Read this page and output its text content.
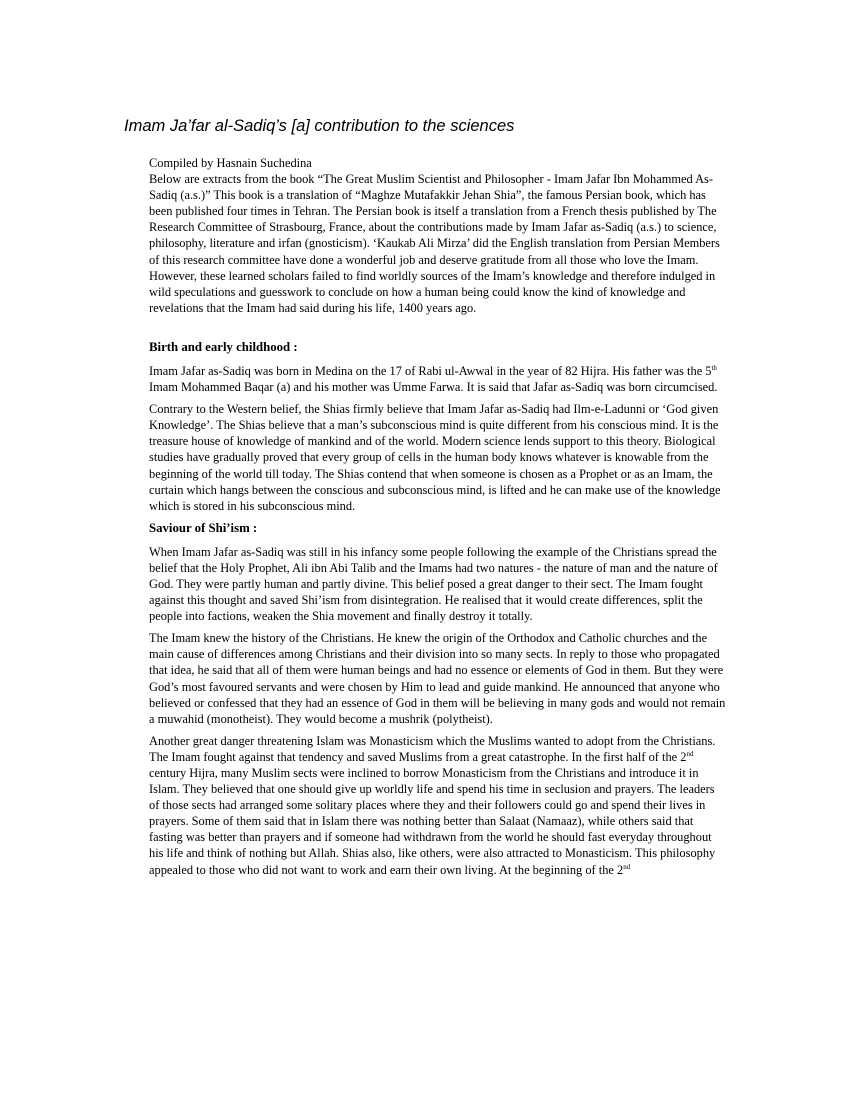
Imam Ja’far al-Sadiq’s [a] contribution to the sciences

Compiled by Hasnain Suchedina

Below are extracts from the book “The Great Muslim Scientist and Philosopher - Imam Jafar Ibn Mohammed As-Sadiq (a.s.)” This book is a translation of “Maghze Mutafakkir Jehan Shia”, the famous Persian book, which has been published four times in Tehran. The Persian book is itself a translation from a French thesis published by The Research Committee of Strasbourg, France, about the contributions made by Imam Jafar as-Sadiq (a.s.) to science, philosophy, literature and irfan (gnosticism). ‘Kaukab Ali Mirza’ did the English translation from Persian Members of this research committee have done a wonderful job and deserve gratitude from all those who love the Imam. However, these learned scholars failed to find worldly sources of the Imam’s knowledge and therefore indulged in wild speculations and guesswork to conclude on how a human being could know the kind of knowledge and revelations that the Imam had said during his life, 1400 years ago.

Birth and early childhood :

Imam Jafar as-Sadiq was born in Medina on the 17 of Rabi ul-Awwal in the year of 82 Hijra. His father was the 5th Imam Mohammed Baqar (a) and his mother was Umme Farwa. It is said that Jafar as-Sadiq was born circumcised.

Contrary to the Western belief, the Shias firmly believe that Imam Jafar as-Sadiq had Ilm-e-Ladunni or ‘God given Knowledge’. The Shias believe that a man’s subconscious mind is quite different from his conscious mind. It is the treasure house of knowledge of mankind and of the world. Modern science lends support to this theory. Biological studies have gradually proved that every group of cells in the human body knows whatever is knowable from the beginning of the world till today. The Shias contend that when someone is chosen as a Prophet or as an Imam, the curtain which hangs between the conscious and subconscious mind, is lifted and he can make use of the knowledge which is stored in his subconscious mind.

Saviour of Shi’ism :

When Imam Jafar as-Sadiq was still in his infancy some people following the example of the Christians spread the belief that the Holy Prophet, Ali ibn Abi Talib and the Imams had two natures - the nature of man and the nature of God. They were partly human and partly divine. This belief posed a great danger to their sect. The Imam fought against this thought and saved Shi’ism from disintegration. He realised that it would create differences, split the people into factions, weaken the Shia movement and finally destroy it totally.

The Imam knew the history of the Christians. He knew the origin of the Orthodox and Catholic churches and the main cause of differences among Christians and their division into so many sects. In reply to those who propagated that idea, he said that all of them were human beings and had no essence or elements of God in them. But they were God’s most favoured servants and were chosen by Him to lead and guide mankind. He announced that anyone who believed or confessed that they had an essence of God in them will be believing in many gods and would not remain a muwahid (monotheist). They would become a mushrik (polytheist).

Another great danger threatening Islam was Monasticism which the Muslims wanted to adopt from the Christians. The Imam fought against that tendency and saved Muslims from a great catastrophe. In the first half of the 2nd century Hijra, many Muslim sects were inclined to borrow Monasticism from the Christians and introduce it in Islam. They believed that one should give up worldly life and spend his time in seclusion and prayers. The leaders of those sects had arranged some solitary places where they and their followers could go and spend their lives in prayers. Some of them said that in Islam there was nothing better than Salaat (Namaaz), while others said that fasting was better than prayers and if someone had withdrawn from the world he should fast everyday throughout his life and think of nothing but Allah. Shias also, like others, were also attracted to Monasticism. This philosophy appealed to those who did not want to work and earn their own living. At the beginning of the 2nd
